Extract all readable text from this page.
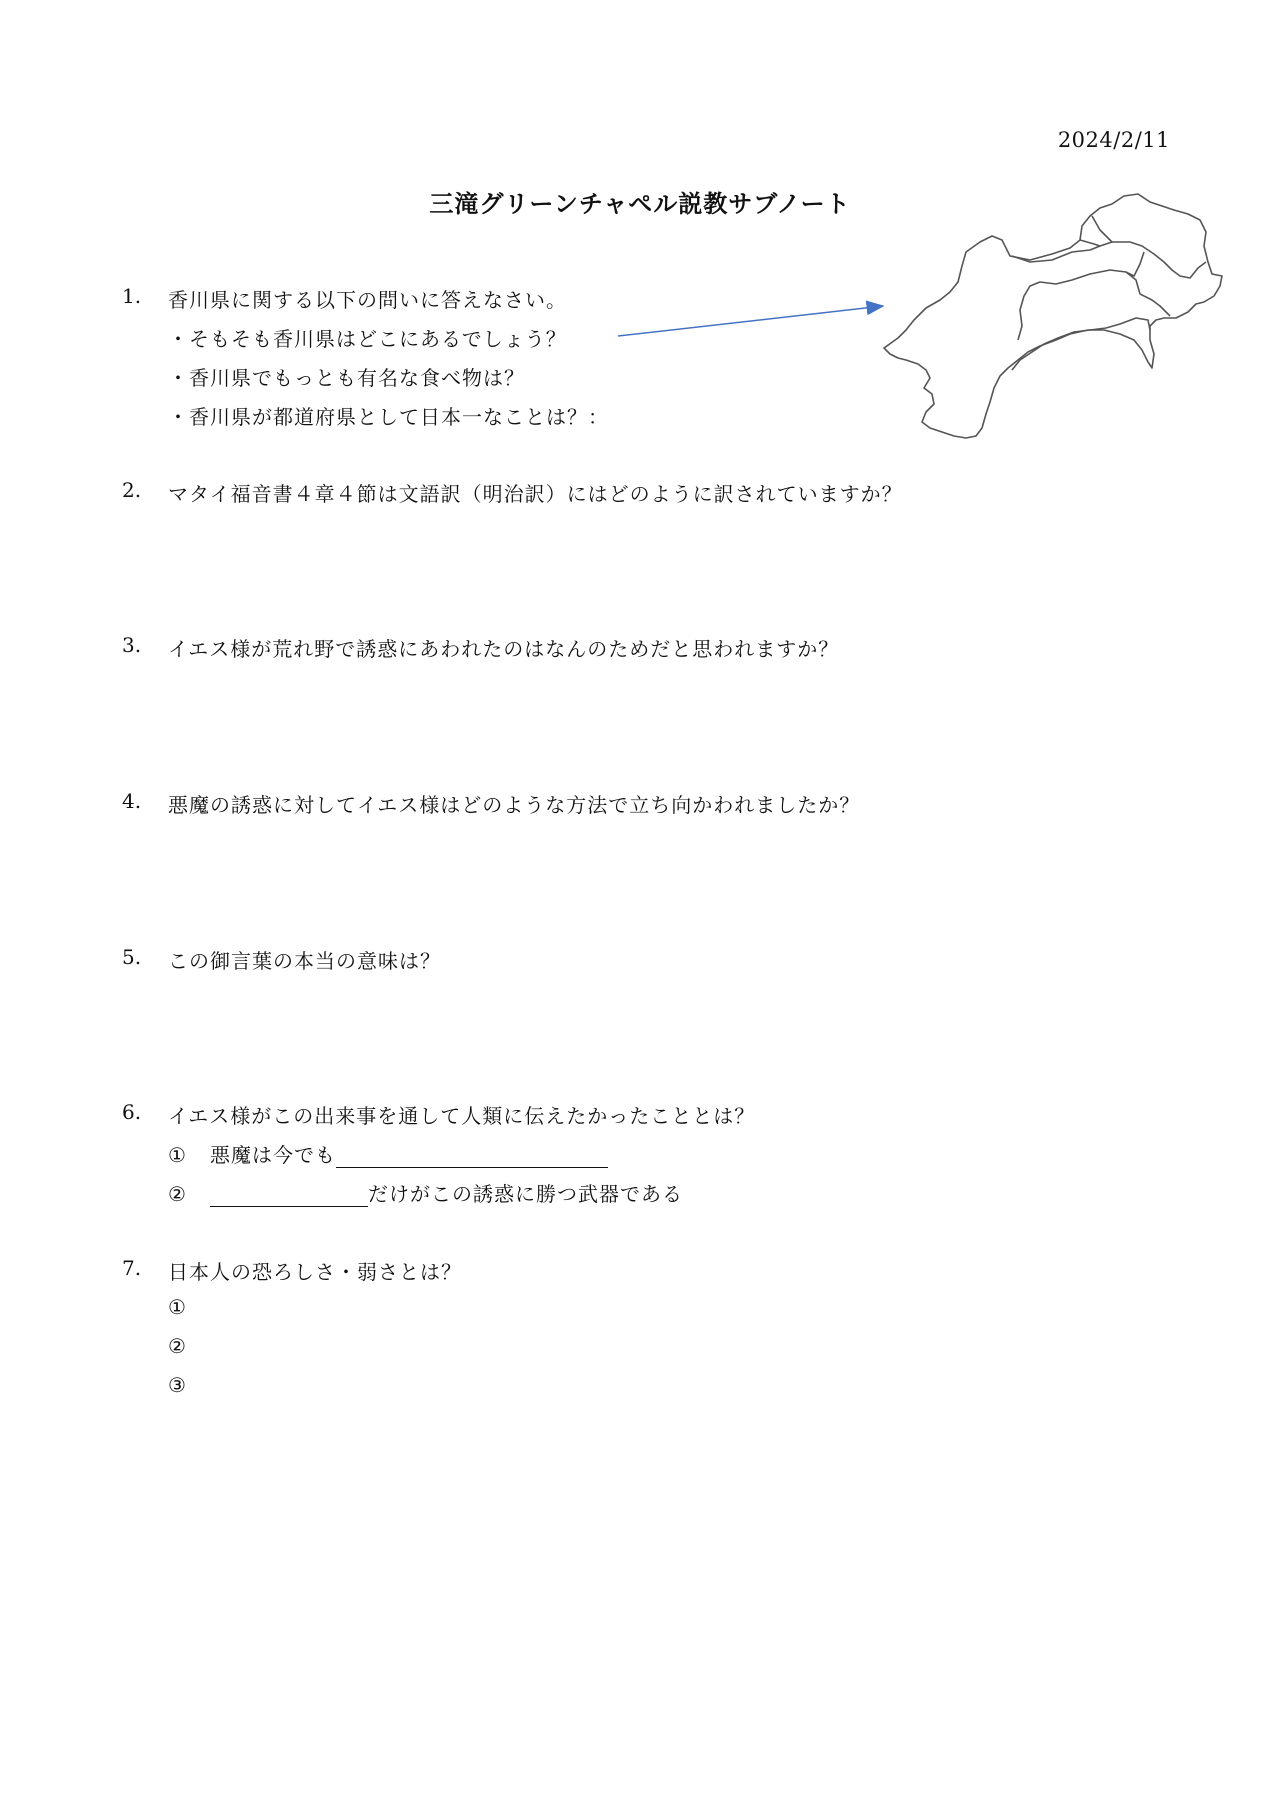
2024/2/11
三滝グリーンチャペル説教サブノート
1. 香川県に関する以下の問いに答えなさい。
・そもそも香川県はどこにあるでしょう？
・香川県でもっとも有名な食べ物は？
・香川県が都道府県として日本一なことは？：
2. マタイ福音書４章４節は文語訳（明治訳）にはどのように訳されていますか？
3. イエス様が荒れ野で誘惑にあわれたのはなんのためだと思われますか？
4. 悪魔の誘惑に対してイエス様はどのような方法で立ち向かわれましたか？
5. この御言葉の本当の意味は？
6. イエス様がこの出来事を通して人類に伝えたかったこととは？
① 悪魔は今でも
②	だけがこの誘惑に勝つ武器である
7. 日本人の恐ろしさ・弱さとは？
①
②
③
